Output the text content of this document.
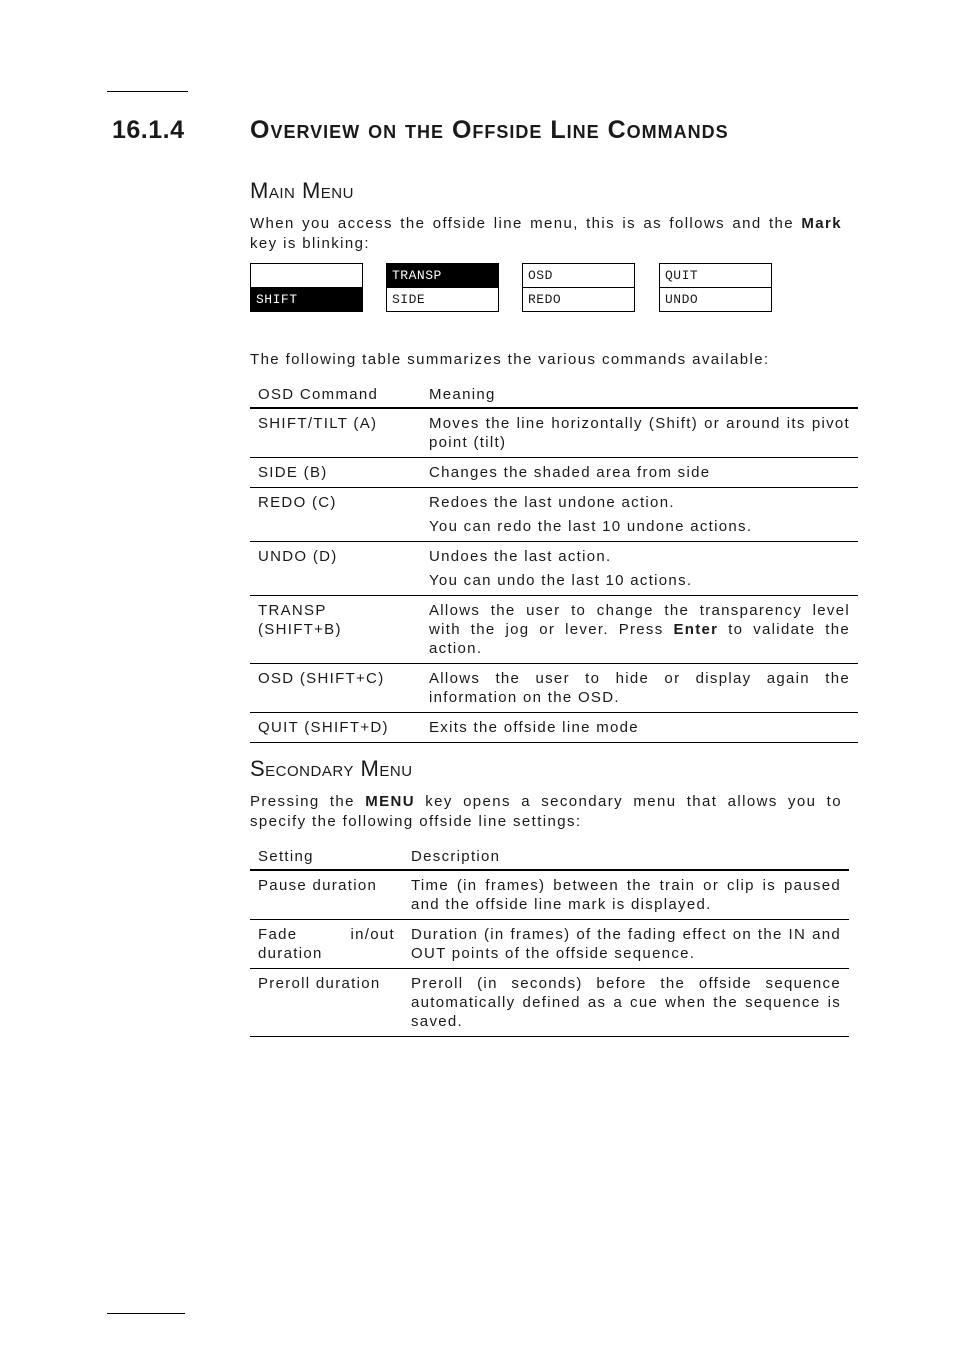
16.1.4	Overview on the Offside Line Commands
Main Menu
When you access the offside line menu, this is as follows and the Mark key is blinking:
SHIFT
TRANSP
SIDE
OSD
REDO
QUIT
UNDO
The following table summarizes the various commands available:
OSD Command	Meaning
SHIFT/TILT (A)	Moves the line horizontally (Shift) or around its pivot point (tilt)
SIDE (B)	Changes the shaded area from side
REDO (C)	Redoes the last undone action.
You can redo the last 10 undone actions.

UNDO (D)	Undoes the last action.
You can undo the last 10 actions.

TRANSP (SHIFT+B)	Allows the user to change the transparency level with the jog or lever. Press Enter to validate the action.
OSD (SHIFT+C)	Allows the user to hide or display again the information on the OSD.
QUIT (SHIFT+D)	Exits the offside line mode
Secondary Menu
Pressing the MENU key opens a secondary menu that allows you to specify the following offside line settings:
Setting	Description
Pause duration	Time (in frames) between the train or clip is paused and the offside line mark is displayed.
Fade in/out duration	Duration (in frames) of the fading effect on the IN and OUT points of the offside sequence.
Preroll duration	Preroll (in seconds) before the offside sequence automatically defined as a cue when the sequence is saved.
